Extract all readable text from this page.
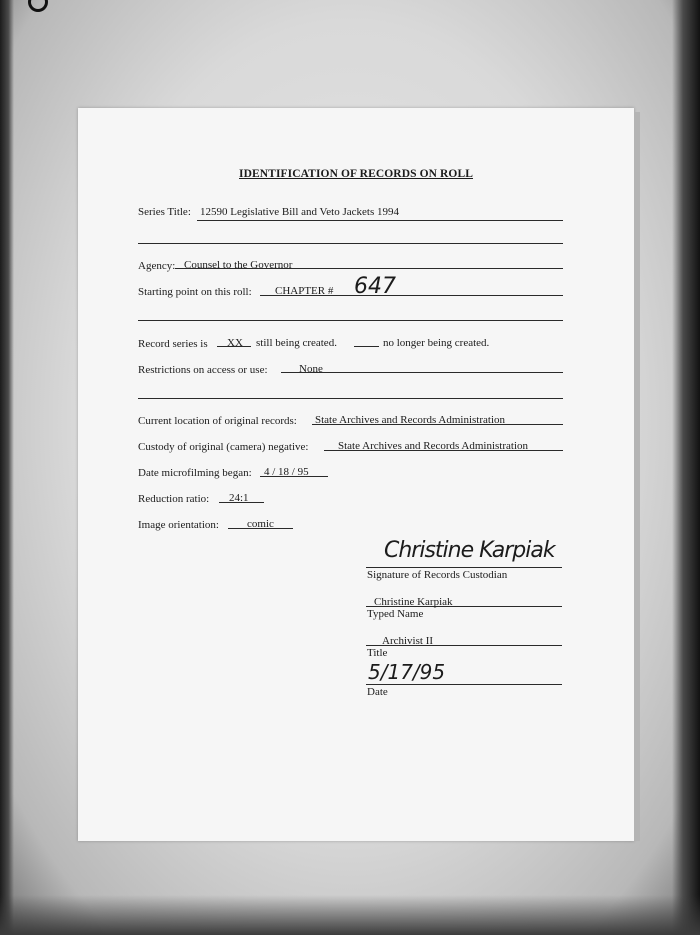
IDENTIFICATION OF RECORDS ON ROLL
Series Title: 12590 Legislative Bill and Veto Jackets 1994
Agency: Counsel to the Governor
Starting point on this roll: CHAPTER # 647
Record series is XX still being created.	no longer being created.
Restrictions on access or use:	None
Current location of original records: State Archives and Records Administration
Custody of original (camera) negative:	State Archives and Records Administration
Date microfilming began: 4 / 18 / 95
Reduction ratio: 24:1
Image orientation:	comic
Christine Karpiak
Signature of Records Custodian
Christine Karpiak
Typed Name
Archivist II
Title
5/17/95
Date
